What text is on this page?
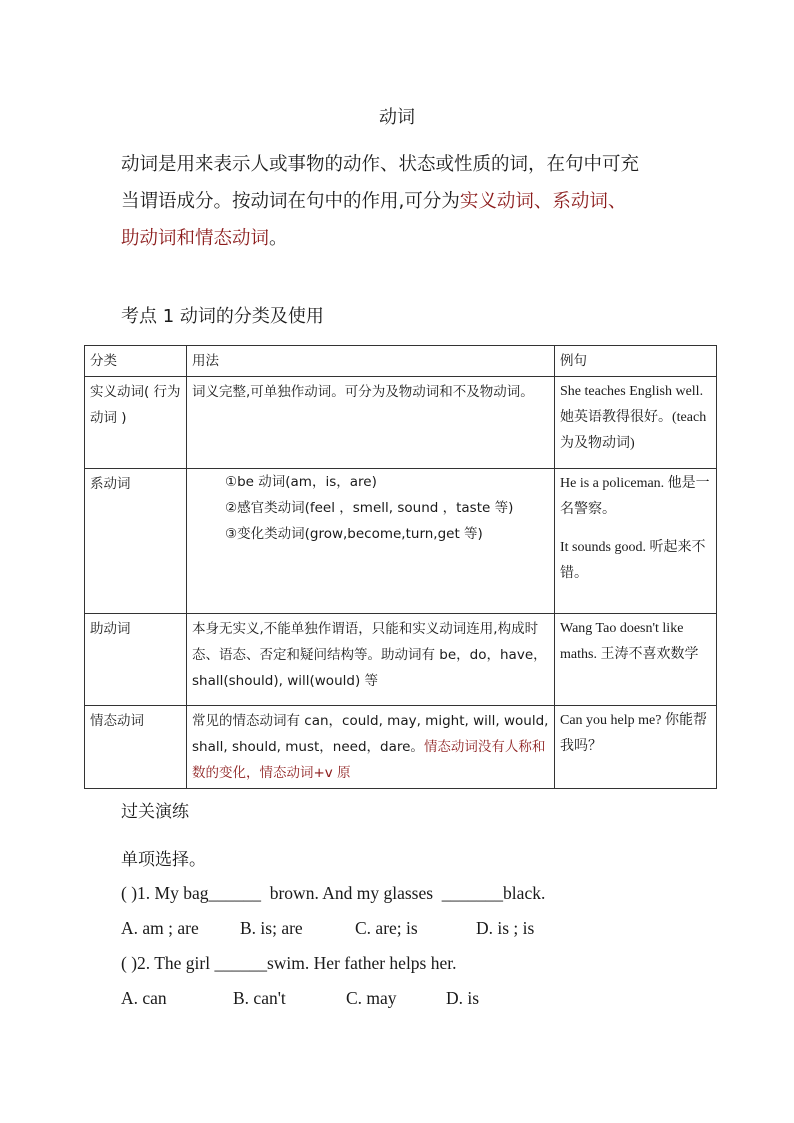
动词
动词是用来表示人或事物的动作、状态或性质的词，在句中可充
当谓语成分。按动词在句中的作用,可分为实义动词、系动词、
助动词和情态动词。
考点 1 动词的分类及使用
分类	用法	例句
实义动词( 行为动词 )	词义完整,可单独作动词。可分为及物动词和不及物动词。	She teaches English well. 她英语教得很好。(teach 为及物动词)
系动词	①be 动词(am，is，are)
②感官类动词(feel ，smell, sound ，taste 等)
③变化类动词(grow,become,turn,get 等)	He is a policeman. 他是一名警察。
It sounds good. 听起来不错。
助动词	本身无实义,不能单独作谓语，只能和实义动词连用,构成时态、语态、否定和疑问结构等。助动词有 be，do，have，shall(should), will(would) 等	Wang Tao doesn't like maths. 王涛不喜欢数学
情态动词	常见的情态动词有 can，could, may, might, will, would, shall, should, must，need，dare。情态动词没有人称和数的变化，情态动词+v 原	Can you help me? 你能帮我吗？
过关演练
单项选择。
( )1. My bag______  brown. And my glasses  _______black.
A. am ; are B. is; are	C. are; is	D. is ; is
( )2. The girl ______swim. Her father helps her.
A. can	B. can't	C. may	D. is
